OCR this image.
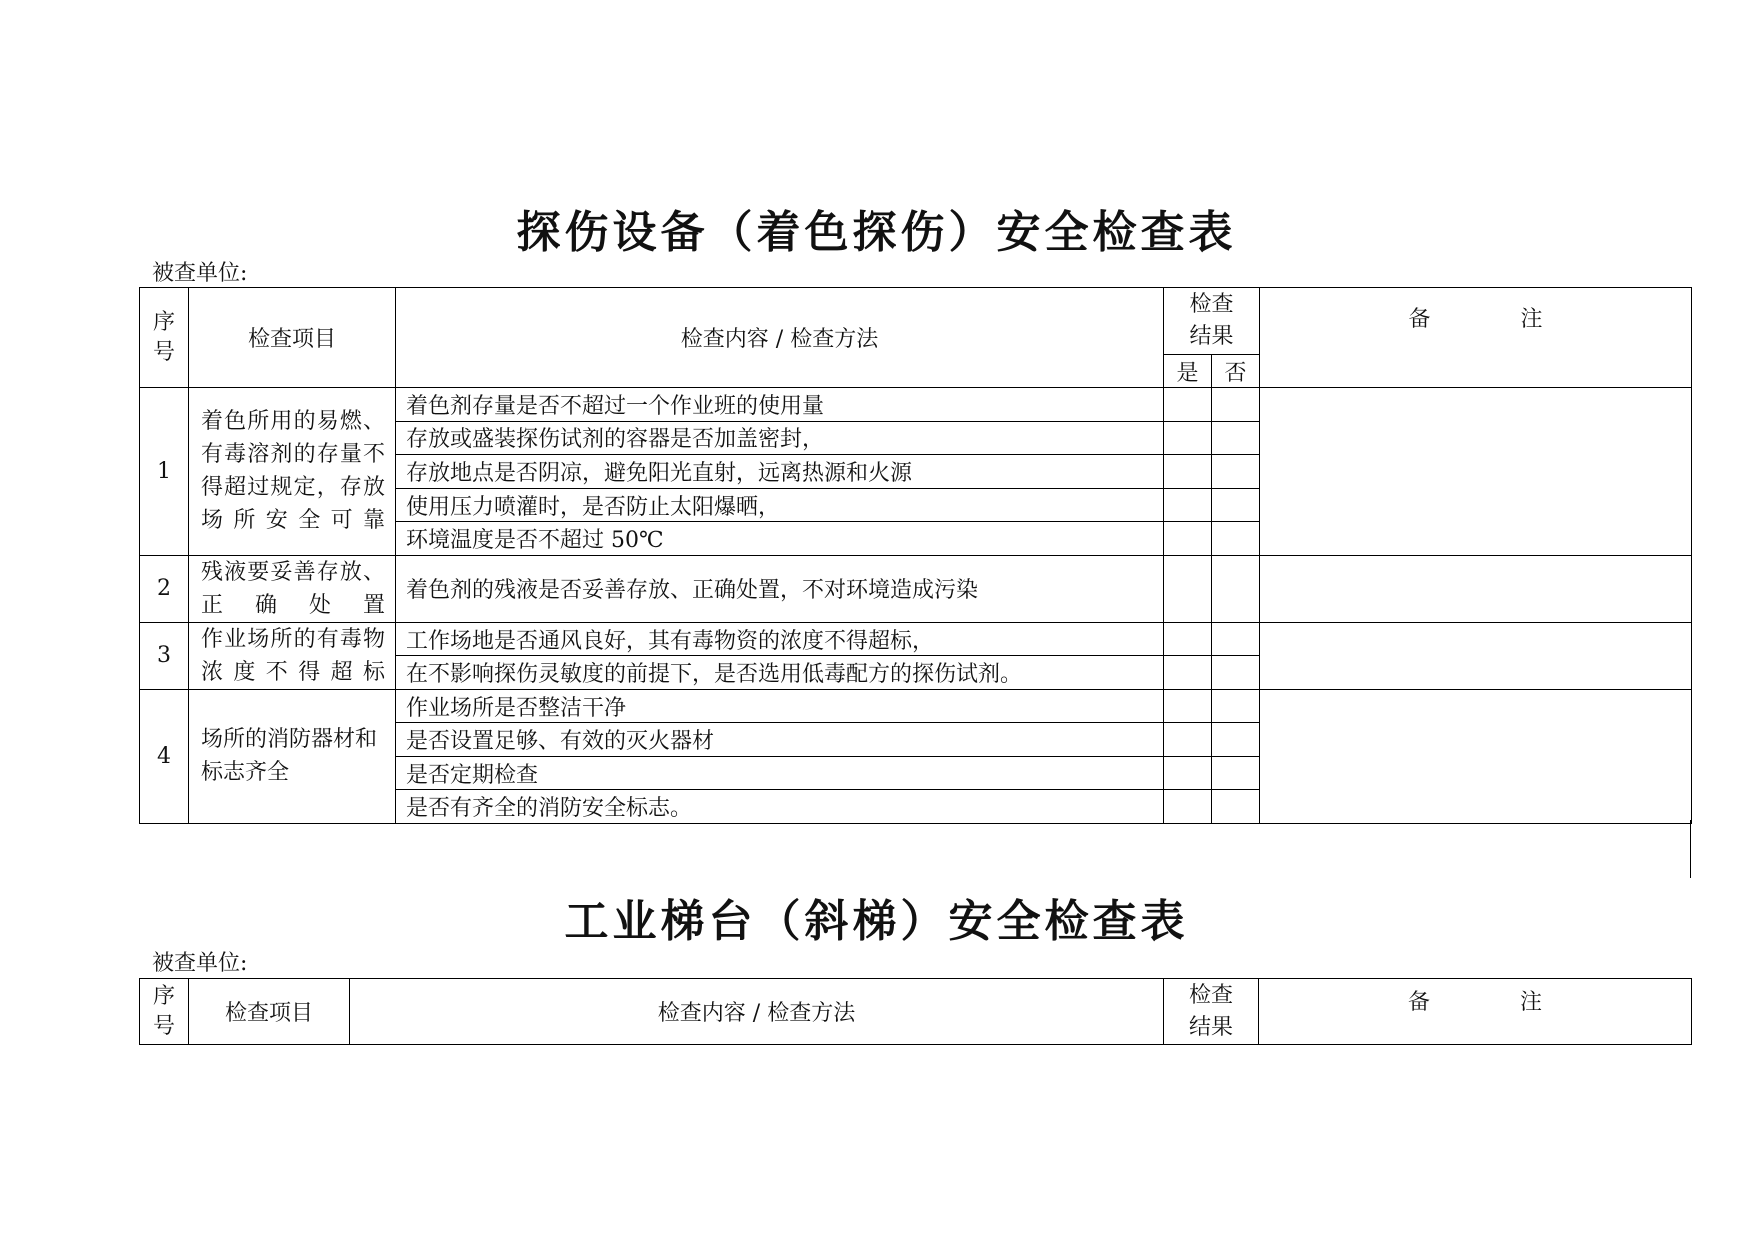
探伤设备（着色探伤）安全检查表
被查单位:
序号	检查项目	检查内容 / 检查方法	检查结果		备 注
			是	否	
1	着色所用的易燃、有毒溶剂的存量不得超过规定，存放场所安全可靠	着色剂存量是否不超过一个作业班的使用量			
		存放或盛装探伤试剂的容器是否加盖密封，			
		存放地点是否阴凉，避免阳光直射，远离热源和火源			
		使用压力喷灌时，是否防止太阳爆晒，			
		环境温度是否不超过 50℃			
2	残液要妥善存放、正确处置	着色剂的残液是否妥善存放、正确处置，不对环境造成污染			
3	作业场所的有毒物浓度不得超标	工作场地是否通风良好，其有毒物资的浓度不得超标，			
		在不影响探伤灵敏度的前提下，是否选用低毒配方的探伤试剂。			
4	场所的消防器材和标志齐全	作业场所是否整洁干净			
		是否设置足够、有效的灭火器材			
		是否定期检查			
		是否有齐全的消防安全标志。			
工业梯台（斜梯）安全检查表
被查单位:
序号	检查项目	检查内容 / 检查方法	检查结果	备	注
